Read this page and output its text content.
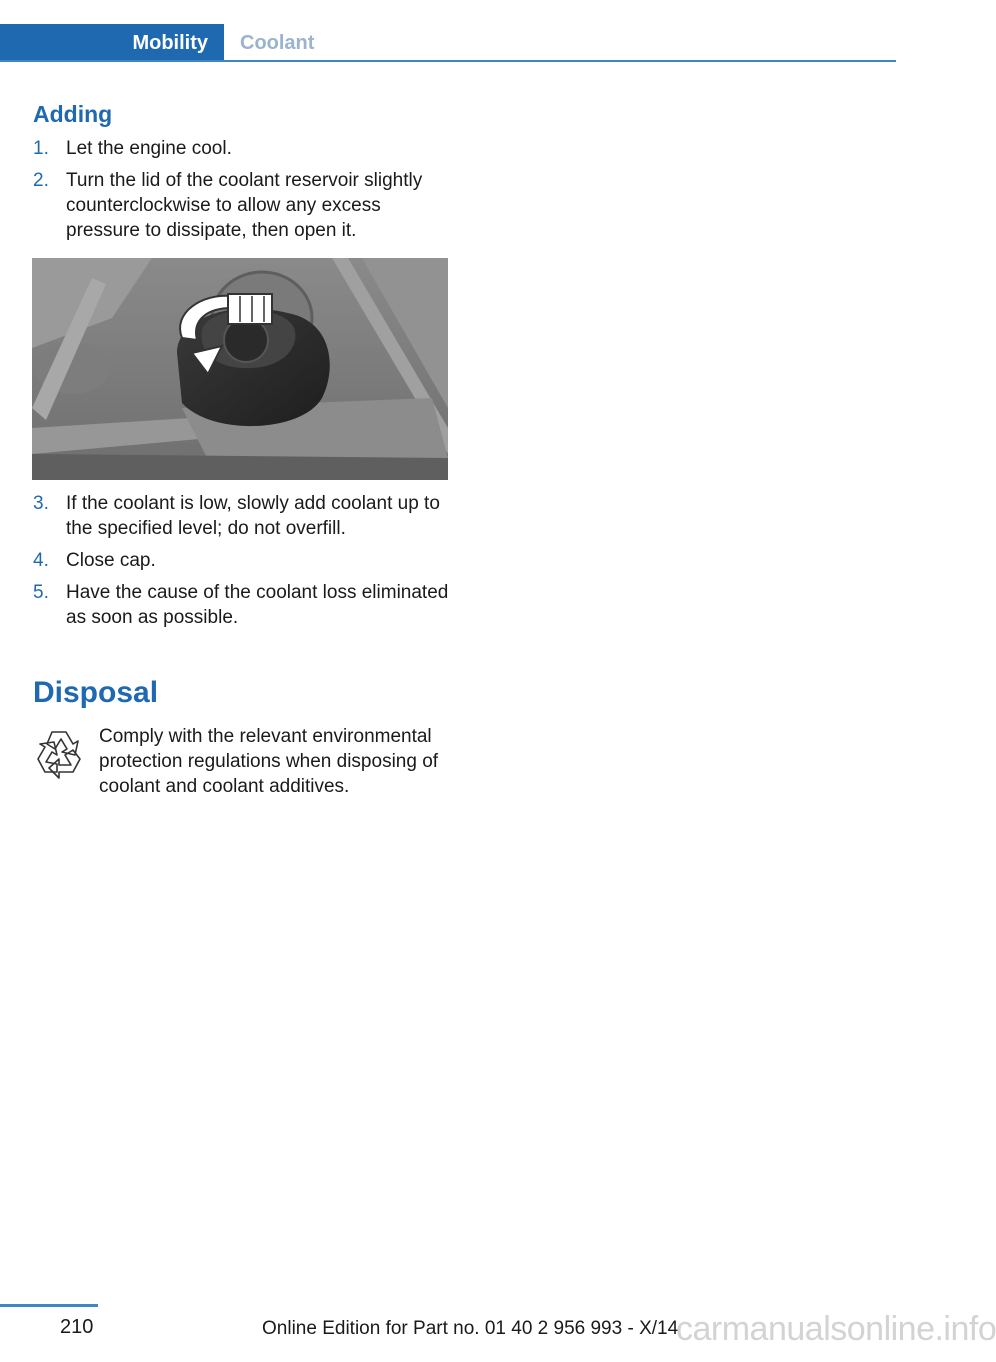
Mobility Coolant
Adding
1. Let the engine cool.
2. Turn the lid of the coolant reservoir slightly counterclockwise to allow any excess pressure to dissipate, then open it.
3. If the coolant is low, slowly add coolant up to the specified level; do not overfill.
4. Close cap.
5. Have the cause of the coolant loss eliminated as soon as possible.
Disposal
Comply with the relevant environmental protection regulations when disposing of coolant and coolant additives.
210	Online Edition for Part no. 01 40 2 956 993 - X/14
carmanualsonline.info
